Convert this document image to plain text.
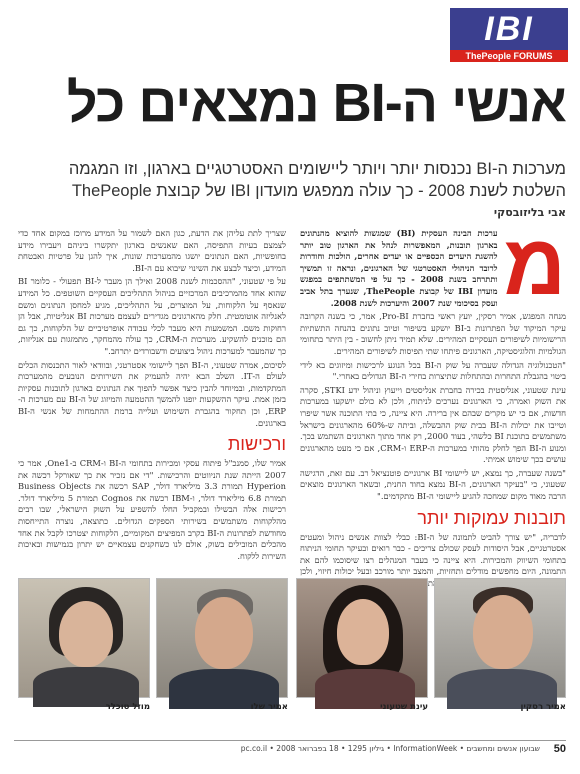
IBI
ThePeople FORUMS
אנשי ה-BI נמצאים כל
מערכות ה-BI נכנסות יותר ויותר ליישומים האסטרטגיים בארגון, וזו המגמה השלטת לשנת 2008 - כך עולה ממפגש מועדון IBI של קבוצת ThePeople
אבי בליזובסקי
מ

ערכות הבינה העסקית (BI) שמגשות להוציא מהנתונים בארגון תובנות, המאפשרות לנהל את הארגון טוב יותר להשגת היעדים הכספיים או יעדים אחרים, הולכות וחודרות לרובד הניהולי האסטרטגי של הארגונים, ונראה זו תמשיך ותתרחב בשנת 2008 - כך על פי המשתתפים במפגש מועדון IBI של קבוצת ThePeople, שנערך בתל אביב ועסק בסיכומי שנת 2007 והיערכות לשנת 2008.

מנחה המפגש, אמיר רסקין, יועץ ראשי בחברת Pro-BI, אמר, כי בשנה הקרובה עיקר המיקוד של הפתרונות ב-BI יושקע בשיפור וטיוב נתונים בהנחה התשתיות הרישומיות לשיפורים העסקיים המהירים. שלא תמיד ניתן לחשוב - בין היתר בתחומי הגולמיות והלוגיסטיקה, הארגונים פיתחו שתי תפיסות לשיפורים המהירים.

"הטכנולוגיה הגדולה שעברה על שוק ה-BI בכל הנוגע לרכישות ומיזוגים בא לידי ביטוי בהגבלת התחרות ובהתחלות שתיצרות בחירי ה-BI הגדולים באחרי."

עינת שטעוני, אנליסטית בכירה בחברת אנליסטים וייעוץ וניהול ידע STKI, סקרה את השוק ואמרה, כי הארגונים נערכים לניתוח, ולכן לא כולם יושקעו במערכות חדשות, אם כי יש מקרים שבהם אין ברירה. היא ציינה, כי בתי התוכנה אשר שיפרו וטייבו את יכולות ה-BI בבית שוק ההבשלה, וביתה ש-60% מהארגונים בישראל משתמשים בתוכנת BI כלשהי, בעוד 2000, רק אחד מתוך הארגונים השתמש בכך. ומנוע ה-BI הפך לחלק מהותי במערכות ה-ERP ו-CRM, אם כי מעט מהארגונים עושים בכך שימוש אמיתי.

"בשנה שעברה, כך נמצא, יש ליישומי BI ארגוניים פוטנציאל רב. עם זאת, הדגישה שטעוני, כי "בעיקר הארגונים, ה-BI נמצא בחוד החנית, ובשאר הארגונים מוצאים הרבה מאוד מקום שמחכה להגיע ליישומי ה-BI מתקדמים."

תובנות עמוקות יותר

לדבריה, "יש צורך להביט לתמונה של ה-BI: כבלי לצוות אנשים ניהול ומעטים אסטרטגיים, אבל היסודות לעסק שכולם צריכים - כבר רואים ובעיקר תחומי הניתוח בתחומי השיווק והמכירות. היא ציינה כי בעבר המנהלים רצו שיסוכמו להם את התמונה, היום מחפשים מודלים ותחזיות, והמצב יותר מורכב ובעל יכולות חיזוי, ולכן

שצריך לתת עליהן את הדעת, כגון האם לשמור על המידע מרוכז במקום אחד כדי לצמצם בעיות התפיסה, האם שאנשים בארגון יתקשרו ביניהם ויעבירו מידע בחופשיות, האם הנתונים יושגו מהמערכות שונות, איך להגן על פרטיות ואבטחת המידע, וכיצד לבצע את השינוי שיבוא עם ה-BI.

על פי שטעוני, "ההסכמות לשנת 2008 ואילך הן מעבר ל-BI תפעולי - כלומר BI שהוא אחד מהמרכיבים המרכזיים בניהול התהליכים העסקיים השוטפים. כל המידע שנאסף על הלקוחות, על המוצרים, על התהליכים, מגיע למחסן הנתונים ומשם לאנליזה אוטומטית. חלק מהארגונים מגדירים לעצמם מערכות BI אנליטיות, אבל הן רחוקות משם. המשמעות היא מעבר לכלי עבודה אופרטיביים של הלקוחות, כך גם הם מוכנים להשקיע. מערכות ה-CRM, כך עולה מהמחקר, מתמזגות עם אנליזות, כך שהמעבר למערכות ניהול ביצועים ודשבורדים יתרחב."

לסיכום, אמרה שטעוני, ה-BI הפך ליישומי אסטרטגי, ובוודאי לאור התכנסות הכלים לעולם ה-IT. השלב הבא יהיה להעמיק את השירותים הנובעים מהמערכות המתקדמות, ובמיוחד להבין כיצד אפשר להפוך את הנתונים בארגון לתובנות עסקיות בזמן אמת. עיקר ההשקעות יופנו להמשך ההטמעה והמיזוג של ה-BI עם מערכות ה-ERP, וכן תחקור בהגברת השימוש ועלייה ברמת ההתמחות של אנשי ה-BI בארגונים.

ורכישות

אמיר שלו, סמנכ"ל פיתוח עסקי ומכירות בתחומי ה-BI ו-CRM ב-One1, אמר כי 2007 הייתה שנת הניווטים והרכישות. "די אם נזכיר את כך שאורקל רכשה את Hyperion תמורת 3.3 מיליארד דולר, SAP רכשה את Business Objects תמורת 6.8 מיליארד דולר, ו-IBM רכשה את Cognos תמורת 5 מיליארד דולר. רכישות אלה הבשילו ובמקביל החלו להשפיע על השוק הישראלי, שבו רבים מהלקוחות משתמשים בשירותי הספקים הגדולים. כתוצאה, נוצרה התייחסות מחודשת לפתרונות ה-BI בקרב המפיצים המקומיים, הלקוחות יצטרכו לקבל את אחד מהכלים המובילים בשוק, אולם לנו כשחקנים עצמאיים יש יתרון בגמישות ובאיכות השירות ללקוח.

מוזל טוכלר	אמיר שלו	עינת שטעוני	אמיר רסקין
50
שבועון אנשים ומחשבים • InformationWeek • גיליון 1295 • 18 בפברואר 2008 • pc.co.il
